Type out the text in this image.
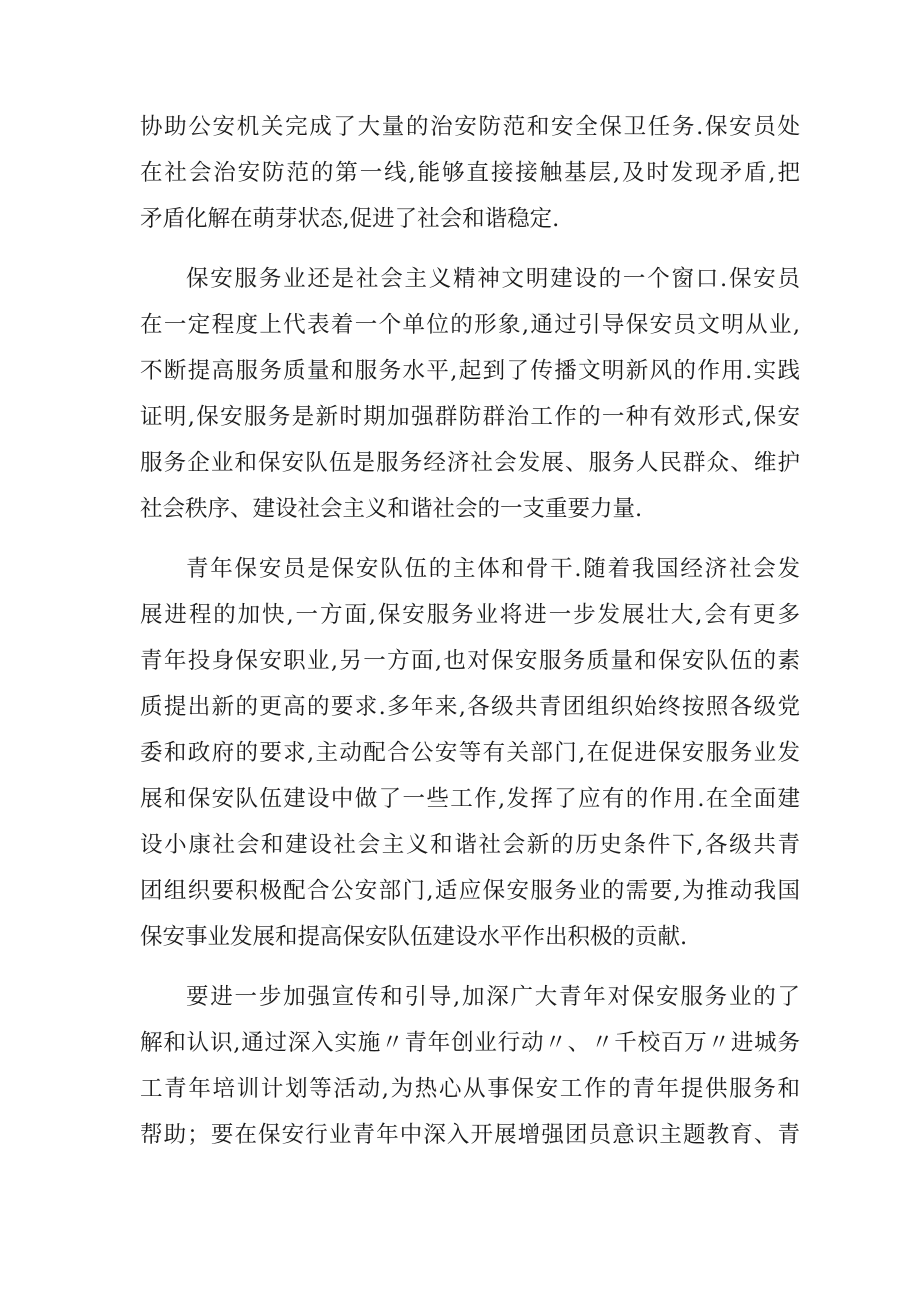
协助公安机关完成了大量的治安防范和安全保卫任务.保安员处
在社会治安防范的第一线,能够直接接触基层,及时发现矛盾,把
矛盾化解在萌芽状态,促进了社会和谐稳定.
保安服务业还是社会主义精神文明建设的一个窗口.保安员
在一定程度上代表着一个单位的形象,通过引导保安员文明从业,
不断提高服务质量和服务水平,起到了传播文明新风的作用.实践
证明,保安服务是新时期加强群防群治工作的一种有效形式,保安
服务企业和保安队伍是服务经济社会发展、服务人民群众、维护
社会秩序、建设社会主义和谐社会的一支重要力量.
青年保安员是保安队伍的主体和骨干.随着我国经济社会发
展进程的加快,一方面,保安服务业将进一步发展壮大,会有更多
青年投身保安职业,另一方面,也对保安服务质量和保安队伍的素
质提出新的更高的要求.多年来,各级共青团组织始终按照各级党
委和政府的要求,主动配合公安等有关部门,在促进保安服务业发
展和保安队伍建设中做了一些工作,发挥了应有的作用.在全面建
设小康社会和建设社会主义和谐社会新的历史条件下,各级共青
团组织要积极配合公安部门,适应保安服务业的需要,为推动我国
保安事业发展和提高保安队伍建设水平作出积极的贡献.
要进一步加强宣传和引导,加深广大青年对保安服务业的了
解和认识,通过深入实施〃青年创业行动〃、〃千校百万〃进城务
工青年培训计划等活动,为热心从事保安工作的青年提供服务和
帮助；要在保安行业青年中深入开展增强团员意识主题教育、青
